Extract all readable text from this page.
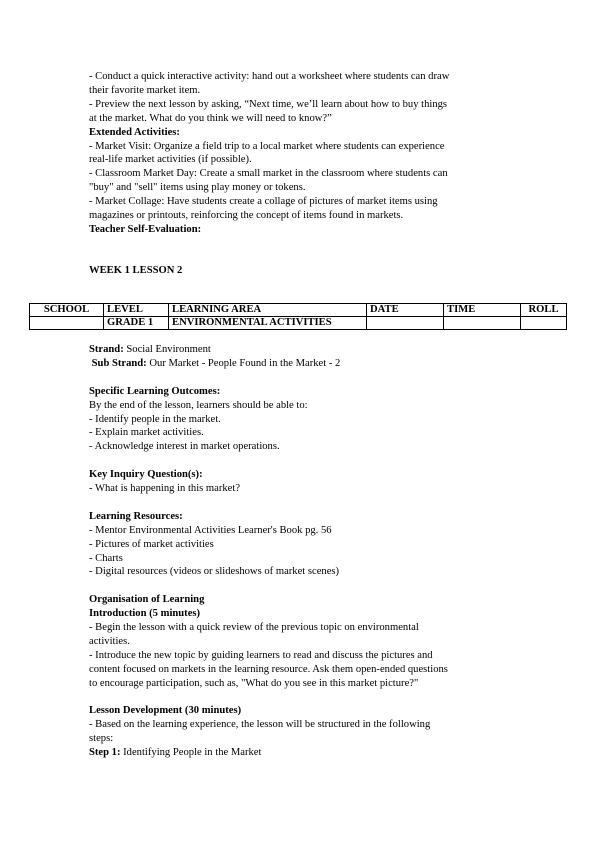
- Conduct a quick interactive activity: hand out a worksheet where students can draw

their favorite market item.

- Preview the next lesson by asking, “Next time, we’ll learn about how to buy things

at the market. What do you think we will need to know?”

Extended Activities:

- Market Visit: Organize a field trip to a local market where students can experience

real-life market activities (if possible).

- Classroom Market Day: Create a small market in the classroom where students can

"buy" and "sell" items using play money or tokens.

- Market Collage: Have students create a collage of pictures of market items using

magazines or printouts, reinforcing the concept of items found in markets.

Teacher Self-Evaluation:

WEEK 1 LESSON 2
SCHOOL	LEVEL	LEARNING AREA	DATE	TIME	ROLL
	GRADE 1	ENVIRONMENTAL ACTIVITIES			

Strand: Social Environment

Sub Strand: Our Market - People Found in the Market - 2

Specific Learning Outcomes:

By the end of the lesson, learners should be able to:

- Identify people in the market.

- Explain market activities.

- Acknowledge interest in market operations.

Key Inquiry Question(s):

- What is happening in this market?

Learning Resources:

- Mentor Environmental Activities Learner's Book pg. 56

- Pictures of market activities

- Charts

- Digital resources (videos or slideshows of market scenes)

Organisation of Learning

Introduction (5 minutes)

- Begin the lesson with a quick review of the previous topic on environmental

activities.

- Introduce the new topic by guiding learners to read and discuss the pictures and

content focused on markets in the learning resource. Ask them open-ended questions

to encourage participation, such as, "What do you see in this market picture?"

Lesson Development (30 minutes)

- Based on the learning experience, the lesson will be structured in the following

steps:

Step 1: Identifying People in the Market
